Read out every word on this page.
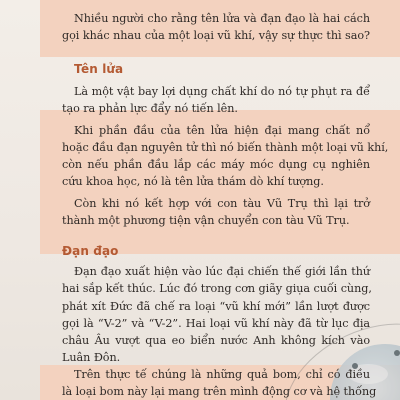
Nhiều người cho rằng tên lửa và đạn đạo là hai cách
gọi khác nhau của một loại vũ khí, vậy sự thực thì sao?
Tên lửa
Là một vật bay lợi dụng chất khí do nó tự phụt ra để
tạo ra phản lực đẩy nó tiến lên.
Khi phần đầu của tên lửa hiện đại mang chất nổ
hoặc đầu đạn nguyên tử thì nó biến thành một loại vũ khí,
còn nếu phần đầu lắp các máy móc dụng cụ nghiên
cứu khoa học, nó là tên lửa thám dò khí tượng.
Còn khi nó kết hợp với con tàu Vũ Trụ thì lại trở
thành một phương tiện vận chuyển con tàu Vũ Trụ.
Đạn đạo
Đạn đạo xuất hiện vào lúc đại chiến thế giới lần thứ
hai sắp kết thúc. Lúc đó trong cơn giãy giụa cuối cùng,
phát xít Đức đã chế ra loại “vũ khí mới” lần lượt được
gọi là “V-2” và “V-2”. Hai loại vũ khí này đã từ lục địa
châu Âu vượt qua eo biển nước Anh không kích vào
Luân Đôn.
Trên thực tế chúng là những quả bom, chỉ có điều
là loại bom này lại mang trên mình động cơ và hệ thống
